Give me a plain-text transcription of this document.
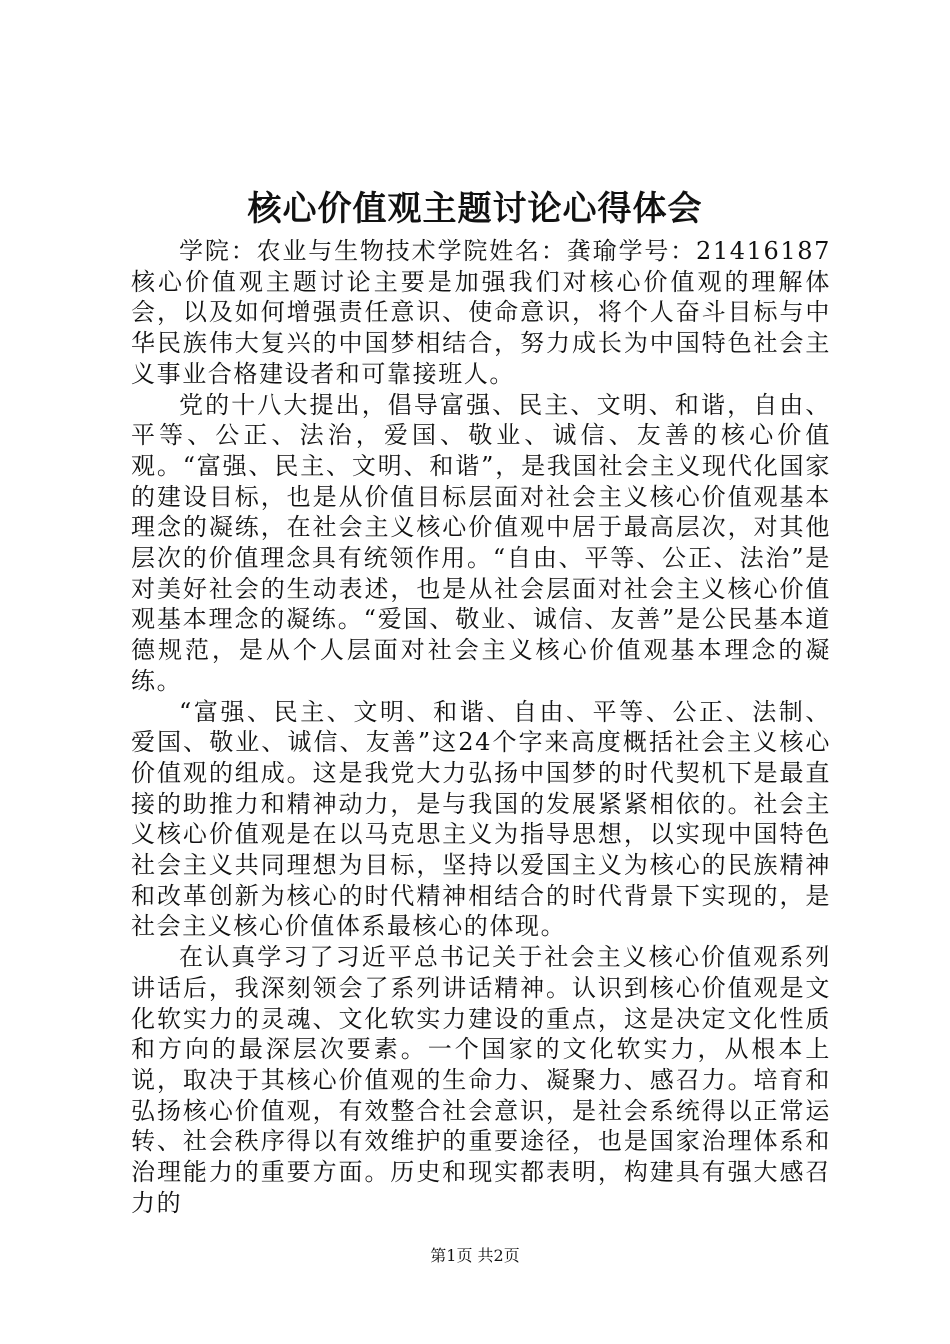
核心价值观主题讨论心得体会

学院：农业与生物技术学院姓名：龚瑜学号：21416187核心价值观主题讨论主要是加强我们对核心价值观的理解体会，以及如何增强责任意识、使命意识，将个人奋斗目标与中华民族伟大复兴的中国梦相结合，努力成长为中国特色社会主义事业合格建设者和可靠接班人。

党的十八大提出，倡导富强、民主、文明、和谐，自由、平等、公正、法治，爱国、敬业、诚信、友善的核心价值观。“富强、民主、文明、和谐”，是我国社会主义现代化国家的建设目标，也是从价值目标层面对社会主义核心价值观基本理念的凝练，在社会主义核心价值观中居于最高层次，对其他层次的价值理念具有统领作用。“自由、平等、公正、法治”是对美好社会的生动表述，也是从社会层面对社会主义核心价值观基本理念的凝练。“爱国、敬业、诚信、友善”是公民基本道德规范，是从个人层面对社会主义核心价值观基本理念的凝练。

“富强、民主、文明、和谐、自由、平等、公正、法制、爱国、敬业、诚信、友善”这24个字来高度概括社会主义核心价值观的组成。这是我党大力弘扬中国梦的时代契机下是最直接的助推力和精神动力，是与我国的发展紧紧相依的。社会主义核心价值观是在以马克思主义为指导思想，以实现中国特色社会主义共同理想为目标，坚持以爱国主义为核心的民族精神和改革创新为核心的时代精神相结合的时代背景下实现的，是社会主义核心价值体系最核心的体现。

在认真学习了习近平总书记关于社会主义核心价值观系列讲话后，我深刻领会了系列讲话精神。认识到核心价值观是文化软实力的灵魂、文化软实力建设的重点，这是决定文化性质和方向的最深层次要素。一个国家的文化软实力，从根本上说，取决于其核心价值观的生命力、凝聚力、感召力。培育和弘扬核心价值观，有效整合社会意识，是社会系统得以正常运转、社会秩序得以有效维护的重要途径，也是国家治理体系和治理能力的重要方面。历史和现实都表明，构建具有强大感召力的

第1页 共2页
